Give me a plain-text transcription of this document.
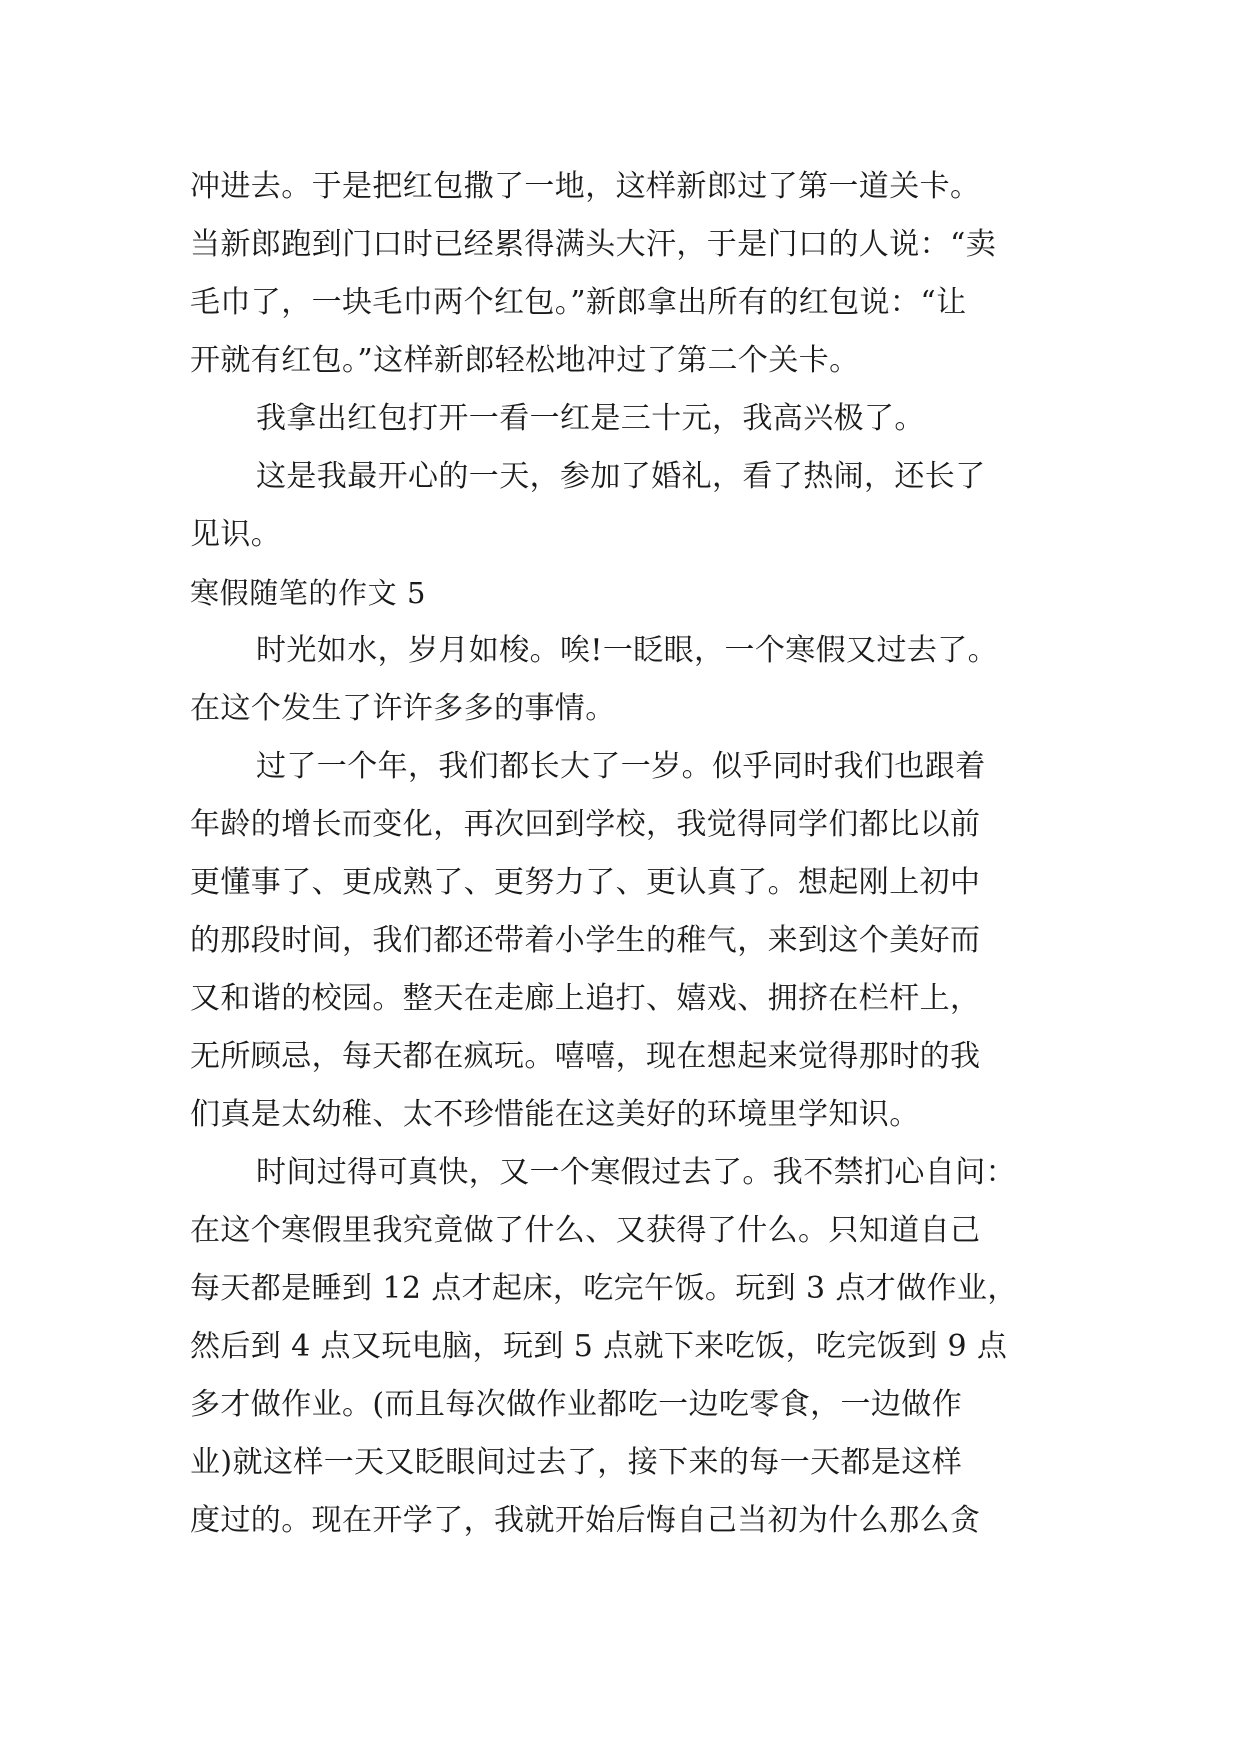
冲进去。于是把红包撒了一地，这样新郎过了第一道关卡。
当新郎跑到门口时已经累得满头大汗，于是门口的人说：“卖
毛巾了，一块毛巾两个红包。”新郎拿出所有的红包说：“让
开就有红包。”这样新郎轻松地冲过了第二个关卡。
我拿出红包打开一看一红是三十元，我高兴极了。
这是我最开心的一天，参加了婚礼，看了热闹，还长了
见识。
寒假随笔的作文 5
时光如水，岁月如梭。唉!一眨眼，一个寒假又过去了。
在这个发生了许许多多的事情。
过了一个年，我们都长大了一岁。似乎同时我们也跟着
年龄的增长而变化，再次回到学校，我觉得同学们都比以前
更懂事了、更成熟了、更努力了、更认真了。想起刚上初中
的那段时间，我们都还带着小学生的稚气，来到这个美好而
又和谐的校园。整天在走廊上追打、嬉戏、拥挤在栏杆上，
无所顾忌，每天都在疯玩。嘻嘻，现在想起来觉得那时的我
们真是太幼稚、太不珍惜能在这美好的环境里学知识。
时间过得可真快，又一个寒假过去了。我不禁扪心自问：
在这个寒假里我究竟做了什么、又获得了什么。只知道自己
每天都是睡到 12 点才起床，吃完午饭。玩到 3 点才做作业，
然后到 4 点又玩电脑，玩到 5 点就下来吃饭，吃完饭到 9 点
多才做作业。(而且每次做作业都吃一边吃零食，一边做作
业)就这样一天又眨眼间过去了，接下来的每一天都是这样
度过的。现在开学了，我就开始后悔自己当初为什么那么贪
